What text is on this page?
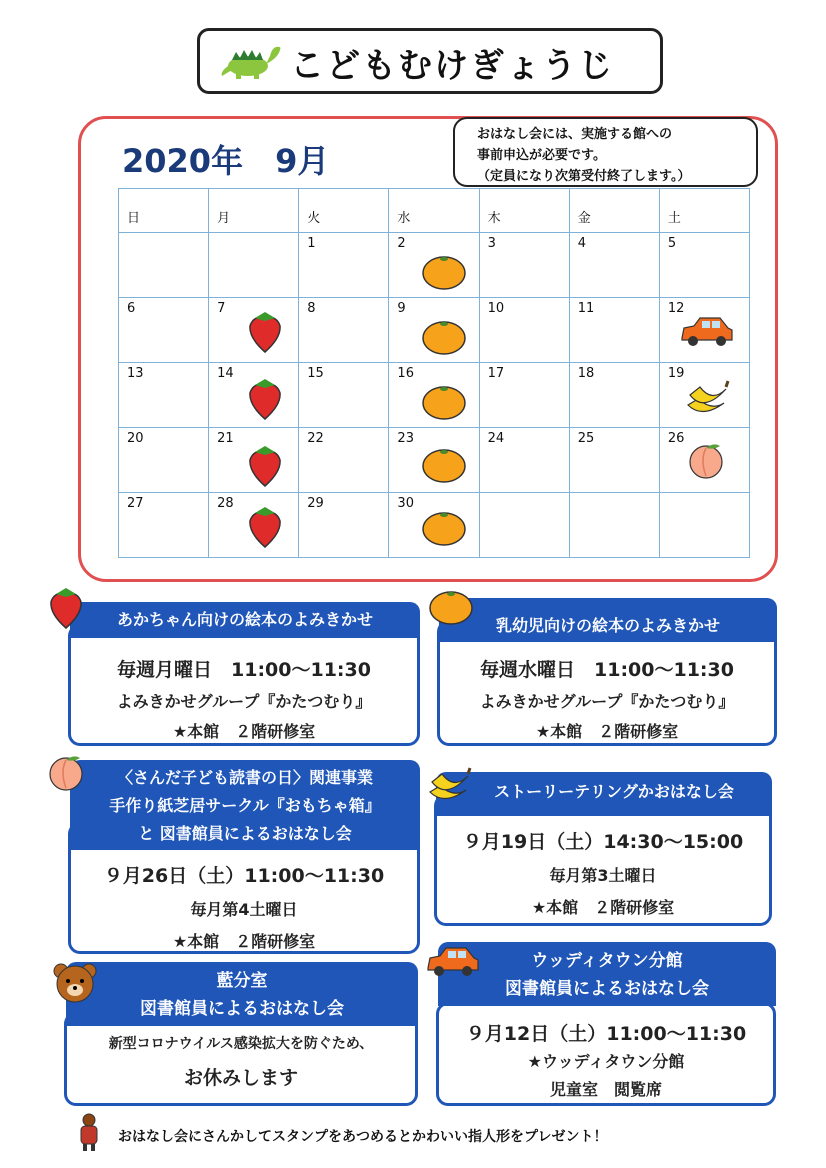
こどもむけぎょうじ
2020年　9月
おはなし会には、実施する館への
事前申込が必要です。
（定員になり次第受付終了します。）
日	月	火	水	木	金	土
		1	2	3	4	5
6	7	8	9	10	11	12

13	14	15	16	17	18	19

20	21	22	23	24	25	26

27	28	29	30

毎週月曜日　11:00〜11:30
よみきかせグループ『かたつむり』
★本館　２階研修室
あかちゃん向けの絵本のよみきかせ
毎週水曜日　11:00〜11:30
よみきかせグループ『かたつむり』
★本館　２階研修室
乳幼児向けの絵本のよみきかせ
９月26日（土）11:00〜11:30
毎月第4土曜日
★本館　２階研修室
〈さんだ子ども読書の日〉関連事業
手作り紙芝居サークル『おもちゃ箱』
と 図書館員によるおはなし会	９月19日（土）14:30〜15:00
毎月第3土曜日
★本館　２階研修室
ストーリーテリングかおはなし会
新型コロナウイルス感染拡大を防ぐため、
お休みします
藍分室
図書館員によるおはなし会
９月12日（土）11:00〜11:30
★ウッディタウン分館
児童室　閲覧席
ウッディタウン分館
図書館員によるおはなし会
おはなし会にさんかしてスタンプをあつめるとかわいい指人形をプレゼント！
